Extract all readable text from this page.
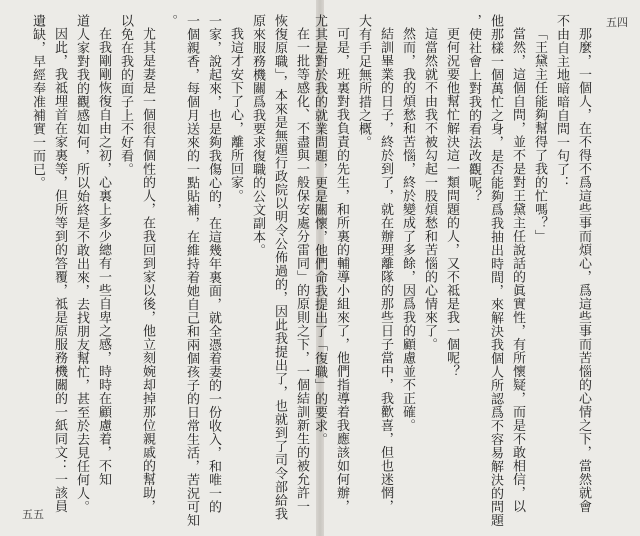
五四
五五
那麼，一個人，在不得不爲這些事而煩心，爲這些事而苦惱的心情之下，當然就會
不由自主地暗暗自問一句了：
「王黛主任能夠幫得了我的忙嗎？」
當然，這個自問，並不是對王黛主任說話的眞實性，有所懷疑，而是不敢相信，以
他那樣一個萬忙之身，是否能夠爲我抽出時間，來解決我個人所認爲不容易解決的問題
，使社會上對我的看法改觀呢？
更何況要他幫忙解決這一類問題的人，又不祗是我一個呢？
這當然就不由我不被勾起一股煩愁和苦惱的心情來了。
然而，我的煩愁和苦惱，終於變成了多餘，因爲我的顧慮並不正確。
結訓畢業的日子，終於到了，就在辦理離隊的那些日子當中，我歡喜，但也迷惘，
大有手足無所措之概。
可是，班裏對我負責的先生，和所裏的輔導小組來了，他們指導着我應該如何辦，
尤其是對於我的就業問題，更是關懷，他們命我提出了「復職」的要求。
在一批等感化、不盡與一般保安處分雷同」的原則之下，一個結訓新生的被允許一
恢復原職」，本來是無題行政院以明令公佈過的，因此我提出了，也就到了司令部給我
原來服務機關爲我要求復職的公文副本。
我這才安下了心，離所回家。
一家，說起來，也是夠我傷心的，在這幾年裏面，就全憑着妻的一份收入，和唯一的
一個親香，每個月送來的一點貼補，在維持着她自己和兩個孩子的日常生活，苦況可知
。
尤其是妻是一個很有個性的人，在我回到家以後，他立刻婉却掉那位親戚的幫助，
以免在我的面子上不好看。
在我剛剛恢復自由之初，心裏上多少總有一些自卑之感，時時在顧慮着，不知
道人家對我的觀感如何，所以始終是不敢出來，去找朋友幫忙，甚至於去見任何人。
因此，我祗埋首在家裏等，但所等到的答覆，祗是原服務機關的一紙同文：一該員
遺缺，早經奉准補實一而已。
